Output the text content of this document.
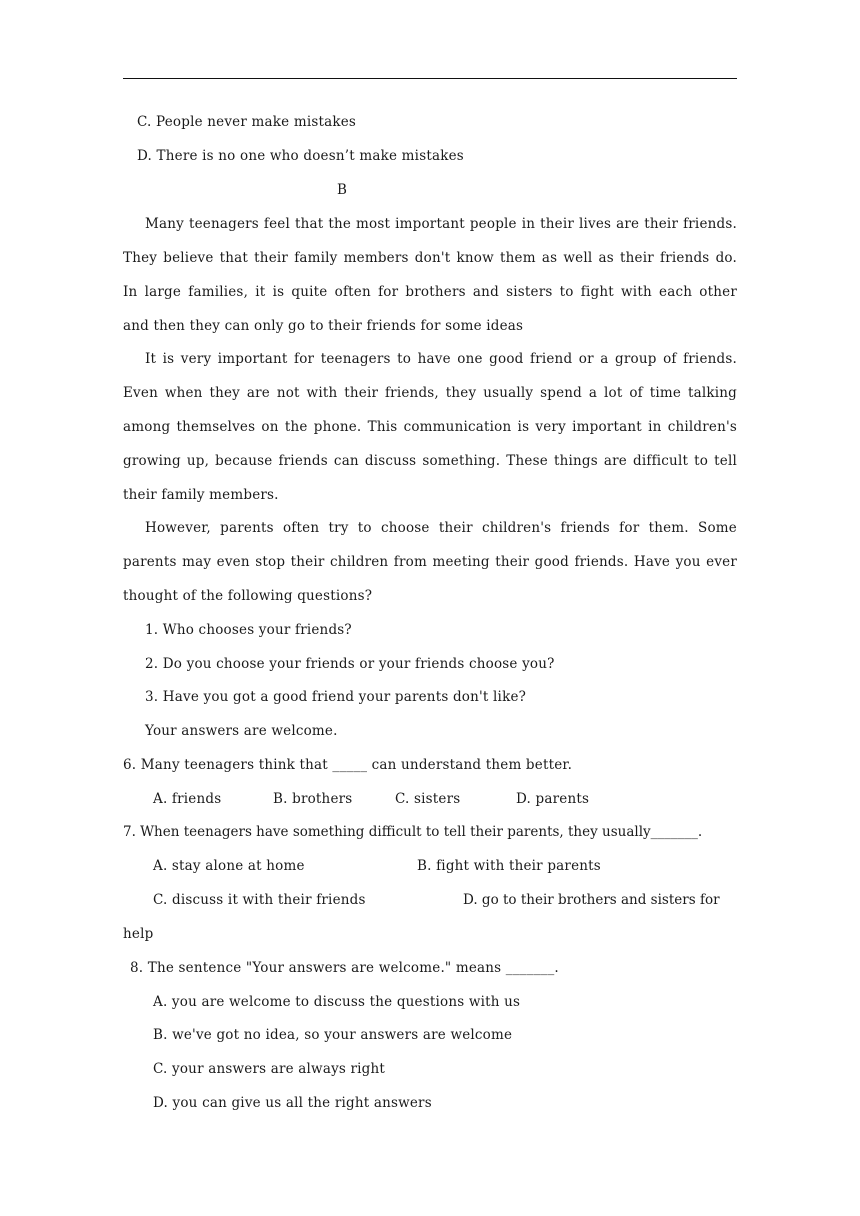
C. People never make mistakes
D. There is no one who doesn’t make mistakes
B
Many teenagers feel that the most important people in their lives are their friends.
They believe that their family members don't know them as well as their friends do.
In large families, it is quite often for brothers and sisters to fight with each other
and then they can only go to their friends for some ideas
It is very important for teenagers to have one good friend or a group of friends.
Even when they are not with their friends, they usually spend a lot of time talking
among themselves on the phone. This communication is very important in children's
growing up, because friends can discuss something. These things are difficult to tell
their family members.
However, parents often try to choose their children's friends for them. Some
parents may even stop their children from meeting their good friends. Have you ever
thought of the following questions?
1. Who chooses your friends?
2. Do you choose your friends or your friends choose you?
3. Have you got a good friend your parents don't like?
Your answers are welcome.
6. Many teenagers think that _____ can understand them better.
A. friends	B. brothers	C. sisters	D. parents
7. When teenagers have something difficult to tell their parents, they usually_______.
A. stay alone at home	B. fight with their parents
C. discuss it with their friends	D. go to their brothers and sisters for
help
8. The sentence "Your answers are welcome." means _______.
A. you are welcome to discuss the questions with us
B. we've got no idea, so your answers are welcome
C. your answers are always right
D. you can give us all the right answers
